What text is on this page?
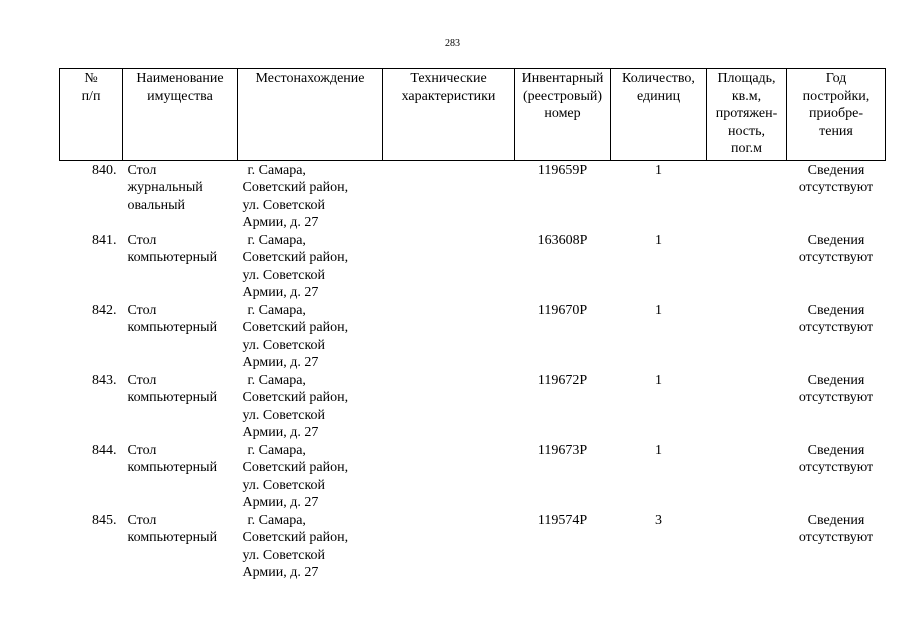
283
№
п/п	Наименование
имущества	Местонахождение	Технические
характеристики	Инвентарный
(реестровый)
номер	Количество,
единиц	Площадь,
кв.м,
протяжен-
ность,
пог.м	Год
постройки,
приобре-
тения
840.	Стол
журнальный
овальный	г. Самара,
Советский район,
ул. Советской
Армии, д. 27		119659Р	1		Сведения
отсутствуют

841.	Стол
компьютерный	г. Самара,
Советский район,
ул. Советской
Армии, д. 27		163608Р	1		Сведения
отсутствуют

842.	Стол
компьютерный	г. Самара,
Советский район,
ул. Советской
Армии, д. 27		119670Р	1		Сведения
отсутствуют

843.	Стол
компьютерный	г. Самара,
Советский район,
ул. Советской
Армии, д. 27		119672Р	1		Сведения
отсутствуют

844.	Стол
компьютерный	г. Самара,
Советский район,
ул. Советской
Армии, д. 27		119673Р	1		Сведения
отсутствуют

845.	Стол
компьютерный	г. Самара,
Советский район,
ул. Советской
Армии, д. 27		119574Р	3		Сведения
отсутствуют
